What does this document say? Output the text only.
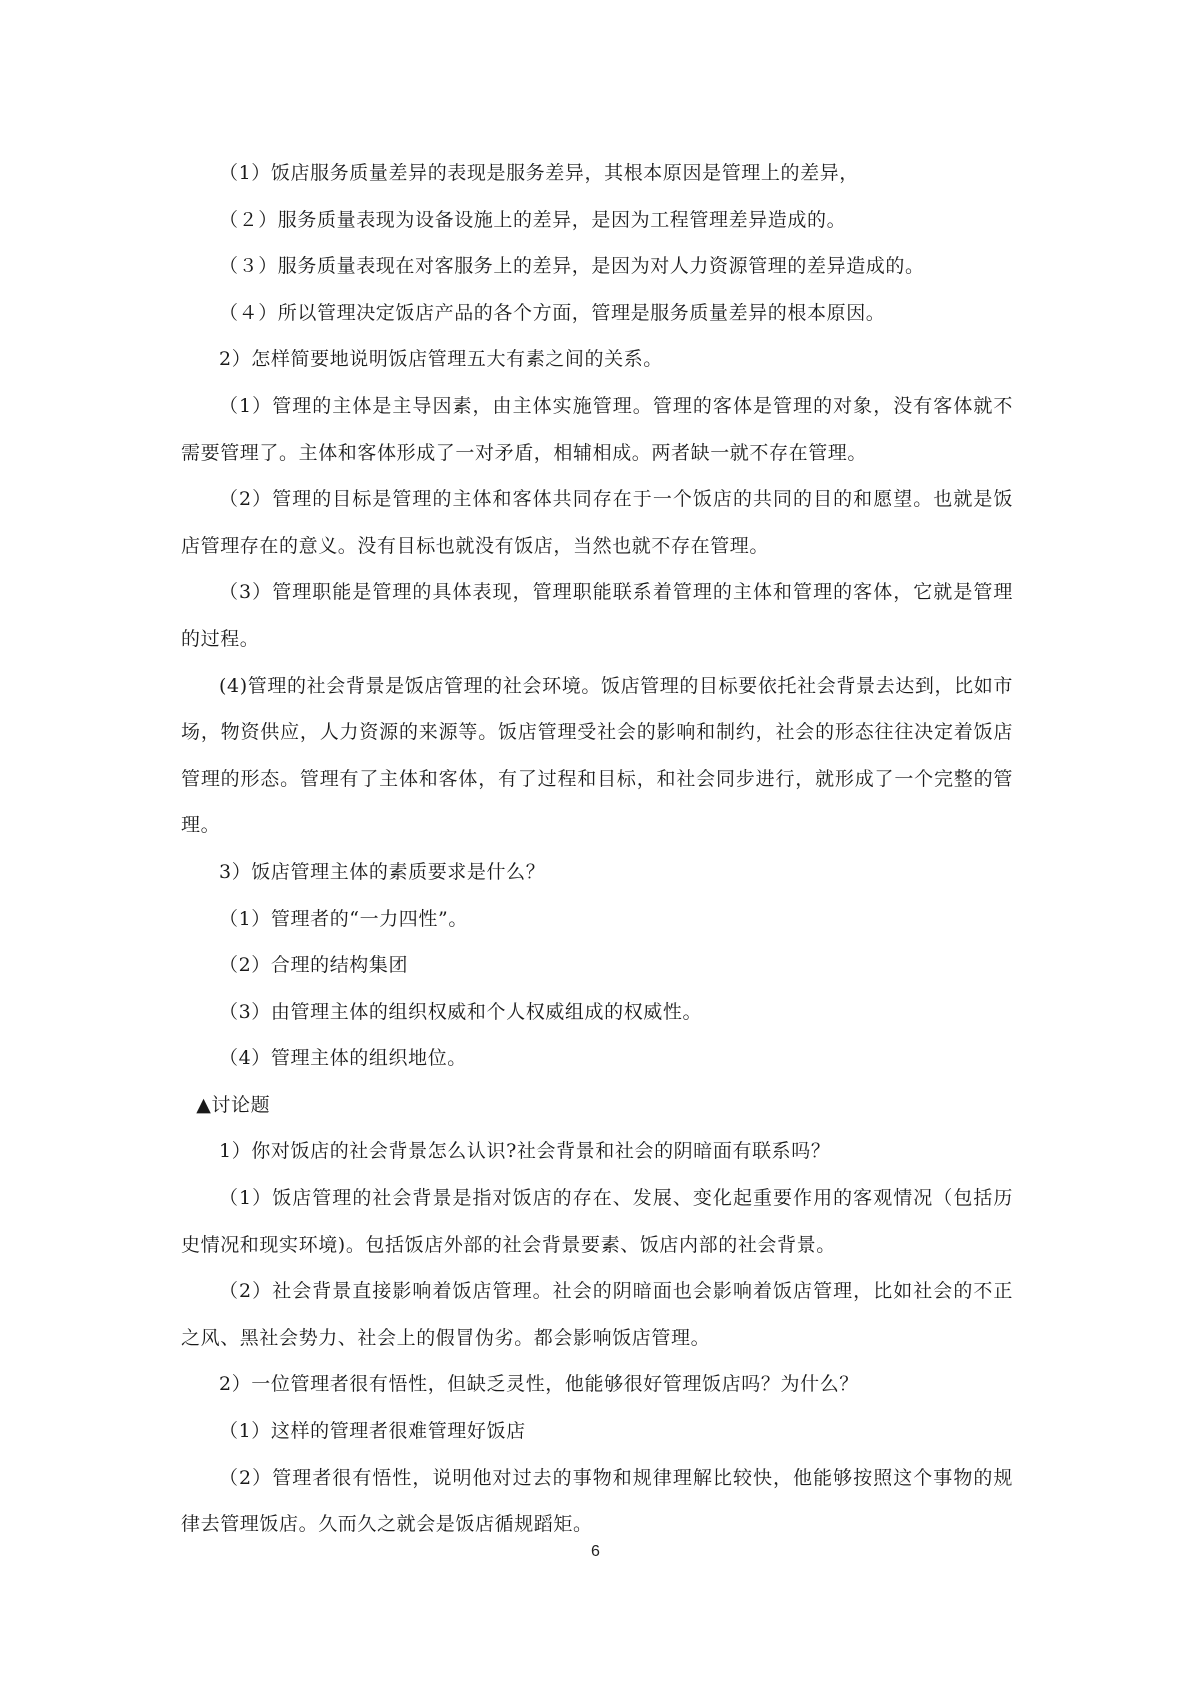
（1）饭店服务质量差异的表现是服务差异，其根本原因是管理上的差异，

（２）服务质量表现为设备设施上的差异，是因为工程管理差异造成的。

（３）服务质量表现在对客服务上的差异，是因为对人力资源管理的差异造成的。

（４）所以管理决定饭店产品的各个方面，管理是服务质量差异的根本原因。

2）怎样简要地说明饭店管理五大有素之间的关系。

（1）管理的主体是主导因素，由主体实施管理。管理的客体是管理的对象，没有客体就不需要管理了。主体和客体形成了一对矛盾，相辅相成。两者缺一就不存在管理。

（2）管理的目标是管理的主体和客体共同存在于一个饭店的共同的目的和愿望。也就是饭店管理存在的意义。没有目标也就没有饭店，当然也就不存在管理。

（3）管理职能是管理的具体表现，管理职能联系着管理的主体和管理的客体，它就是管理的过程。

(4)管理的社会背景是饭店管理的社会环境。饭店管理的目标要依托社会背景去达到，比如市场，物资供应，人力资源的来源等。饭店管理受社会的影响和制约，社会的形态往往决定着饭店管理的形态。管理有了主体和客体，有了过程和目标，和社会同步进行，就形成了一个完整的管理。

3）饭店管理主体的素质要求是什么？

（1）管理者的“一力四性”。

（2）合理的结构集团

（3）由管理主体的组织权威和个人权威组成的权威性。

（4）管理主体的组织地位。

▲讨论题

1）你对饭店的社会背景怎么认识?社会背景和社会的阴暗面有联系吗？

（1）饭店管理的社会背景是指对饭店的存在、发展、变化起重要作用的客观情况（包括历史情况和现实环境)。包括饭店外部的社会背景要素、饭店内部的社会背景。

（2）社会背景直接影响着饭店管理。社会的阴暗面也会影响着饭店管理，比如社会的不正之风、黑社会势力、社会上的假冒伪劣。都会影响饭店管理。

2）一位管理者很有悟性，但缺乏灵性，他能够很好管理饭店吗？为什么？

（1）这样的管理者很难管理好饭店

（2）管理者很有悟性，说明他对过去的事物和规律理解比较快，他能够按照这个事物的规律去管理饭店。久而久之就会是饭店循规蹈矩。

6
